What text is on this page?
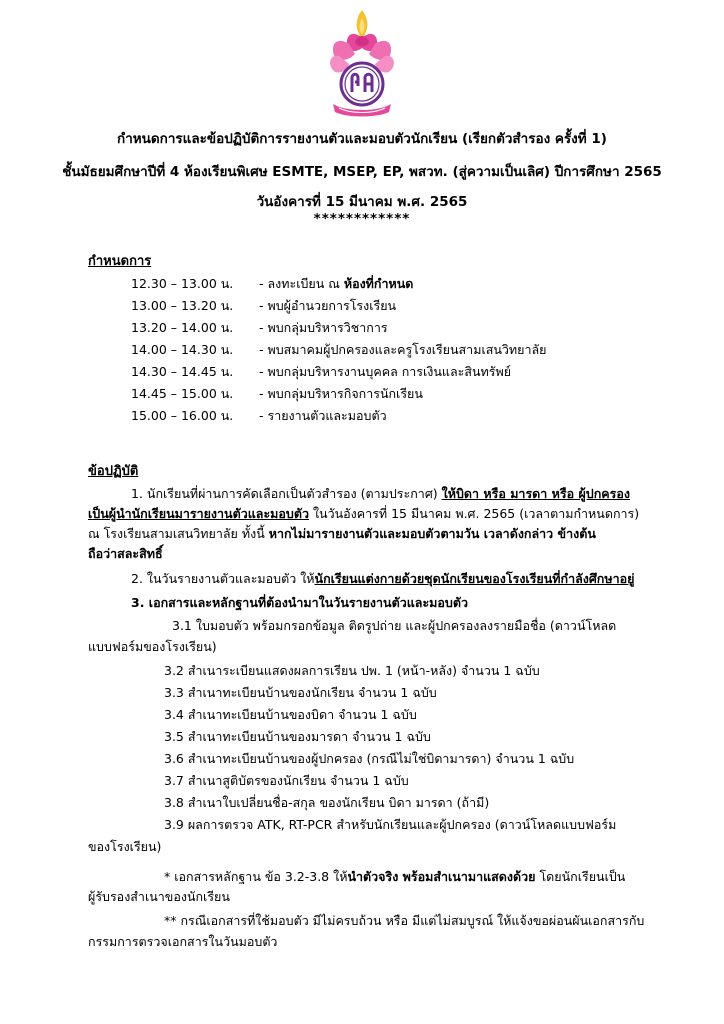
กำหนดการและข้อปฏิบัติการรายงานตัวและมอบตัวนักเรียน (เรียกตัวสำรอง ครั้งที่ 1)
ชั้นมัธยมศึกษาปีที่ 4 ห้องเรียนพิเศษ ESMTE, MSEP, EP, พสวท. (สู่ความเป็นเลิศ) ปีการศึกษา 2565
วันอังคารที่ 15 มีนาคม พ.ศ. 2565
************
กำหนดการ
12.30 – 13.00 น. - ลงทะเบียน ณ ห้องที่กำหนด
13.00 – 13.20 น. - พบผู้อำนวยการโรงเรียน
13.20 – 14.00 น. - พบกลุ่มบริหารวิชาการ
14.00 – 14.30 น. - พบสมาคมผู้ปกครองและครูโรงเรียนสามเสนวิทยาลัย
14.30 – 14.45 น. - พบกลุ่มบริหารงานบุคคล การเงินและสินทรัพย์
14.45 – 15.00 น. - พบกลุ่มบริหารกิจการนักเรียน
15.00 – 16.00 น. - รายงานตัวและมอบตัว
ข้อปฏิบัติ
1. นักเรียนที่ผ่านการคัดเลือกเป็นตัวสำรอง (ตามประกาศ) ให้บิดา หรือ มารดา หรือ ผู้ปกครอง
เป็นผู้นำนักเรียนมารายงานตัวและมอบตัว ในวันอังคารที่ 15 มีนาคม พ.ศ. 2565 (เวลาตามกำหนดการ)
ณ โรงเรียนสามเสนวิทยาลัย ทั้งนี้ หากไม่มารายงานตัวและมอบตัวตามวัน เวลาดังกล่าว ข้างต้น
ถือว่าสละสิทธิ์
2. ในวันรายงานตัวและมอบตัว ให้นักเรียนแต่งกายด้วยชุดนักเรียนของโรงเรียนที่กำลังศึกษาอยู่
3. เอกสารและหลักฐานที่ต้องนำมาในวันรายงานตัวและมอบตัว
3.1 ใบมอบตัว พร้อมกรอกข้อมูล ติดรูปถ่าย และผู้ปกครองลงรายมือชื่อ (ดาวน์โหลด
แบบฟอร์มของโรงเรียน)
3.2 สำเนาระเบียนแสดงผลการเรียน ปพ. 1 (หน้า-หลัง) จำนวน 1 ฉบับ
3.3 สำเนาทะเบียนบ้านของนักเรียน จำนวน 1 ฉบับ
3.4 สำเนาทะเบียนบ้านของบิดา จำนวน 1 ฉบับ
3.5 สำเนาทะเบียนบ้านของมารดา จำนวน 1 ฉบับ
3.6 สำเนาทะเบียนบ้านของผู้ปกครอง (กรณีไม่ใช่บิดามารดา) จำนวน 1 ฉบับ
3.7 สำเนาสูติบัตรของนักเรียน จำนวน 1 ฉบับ
3.8 สำเนาใบเปลี่ยนชื่อ-สกุล ของนักเรียน บิดา มารดา (ถ้ามี)
3.9 ผลการตรวจ ATK, RT-PCR สำหรับนักเรียนและผู้ปกครอง (ดาวน์โหลดแบบฟอร์ม
ของโรงเรียน)
* เอกสารหลักฐาน ข้อ 3.2-3.8 ให้นำตัวจริง พร้อมสำเนามาแสดงด้วย โดยนักเรียนเป็น
ผู้รับรองสำเนาของนักเรียน
** กรณีเอกสารที่ใช้มอบตัว มีไม่ครบถ้วน หรือ มีแต่ไม่สมบูรณ์ ให้แจ้งขอผ่อนผันเอกสารกับ
กรรมการตรวจเอกสารในวันมอบตัว
